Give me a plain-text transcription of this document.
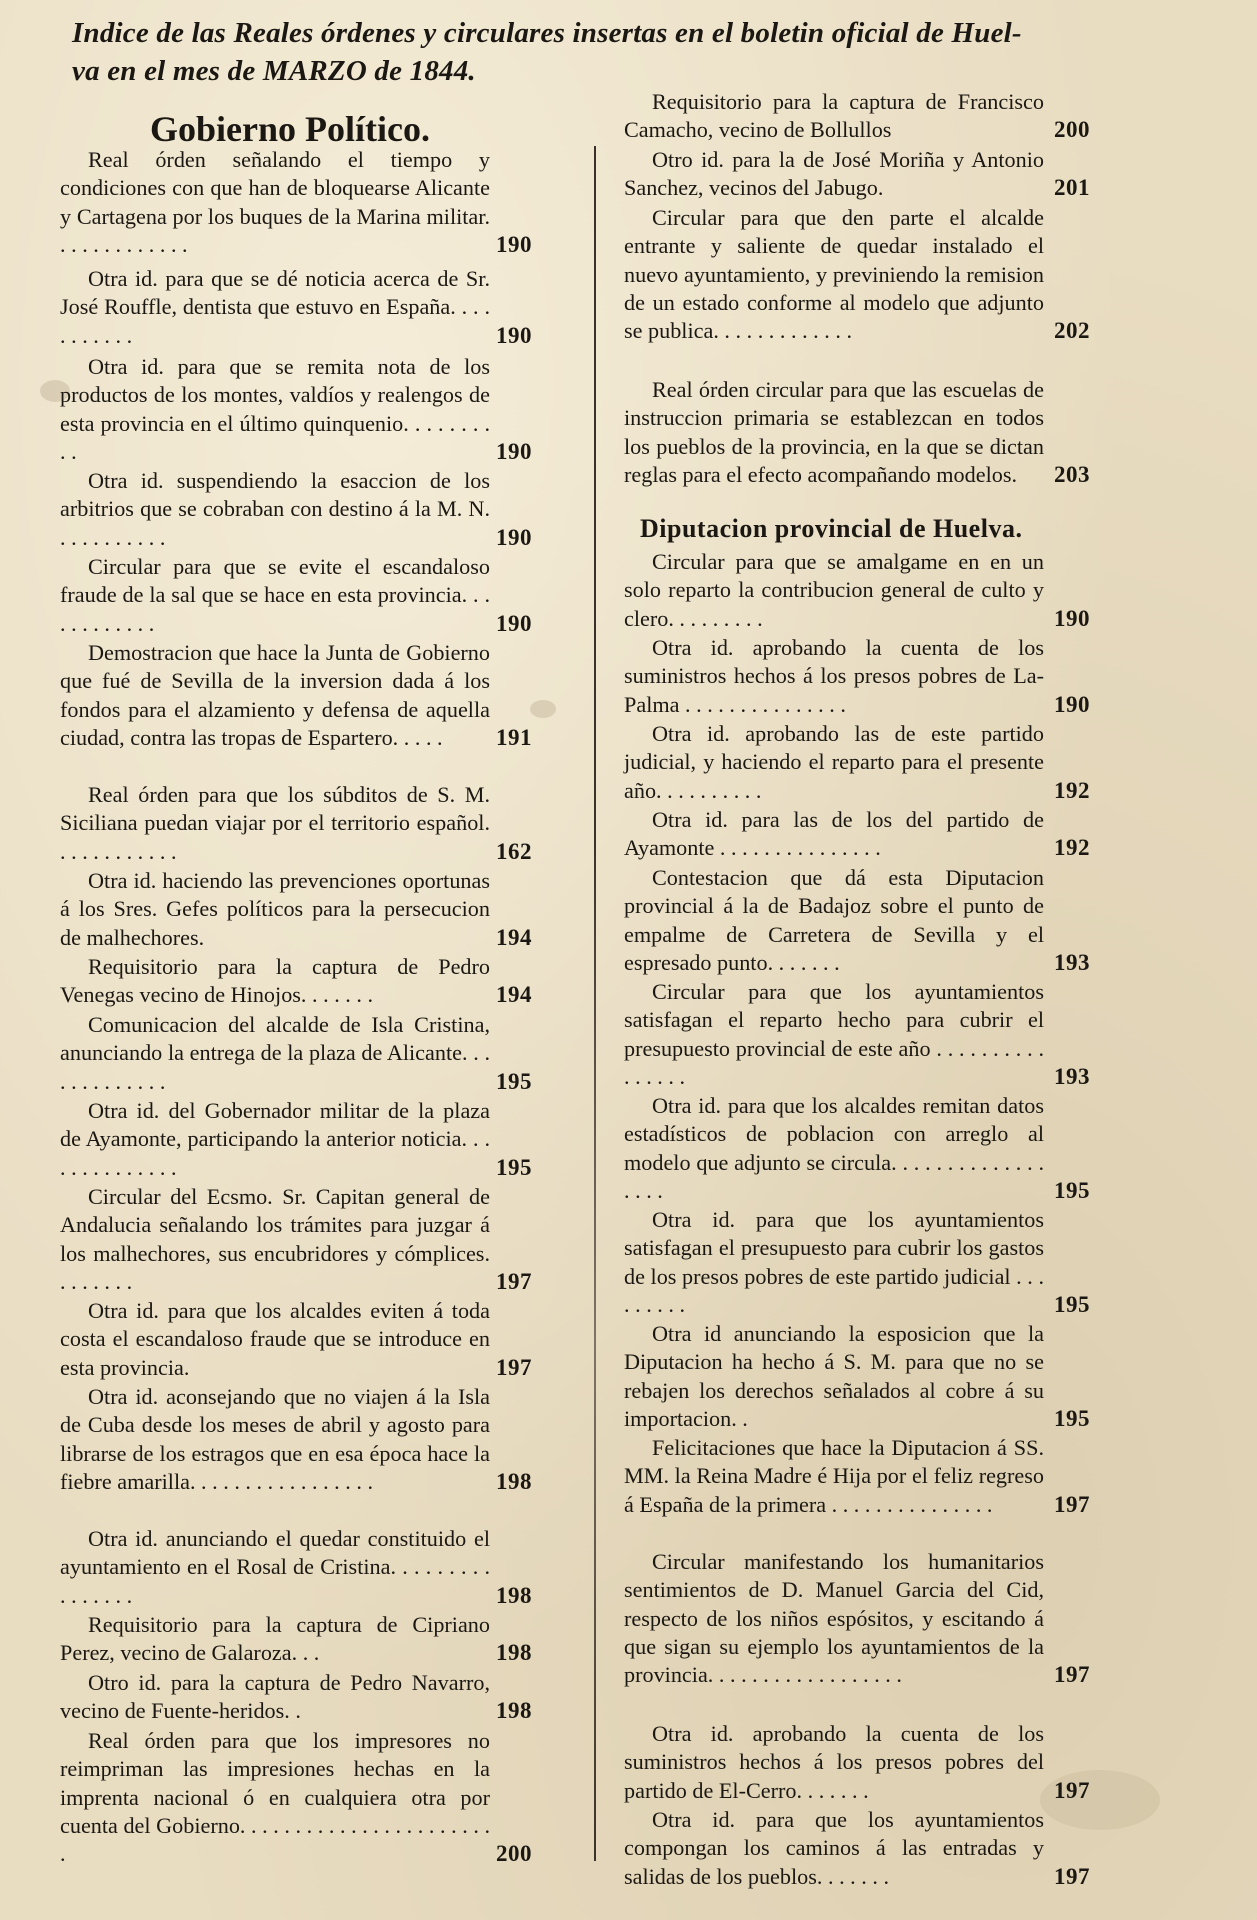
Indice de las Reales órdenes y circulares insertas en el boletin oficial de Huel-
va en el mes de MARZO de 1844.
Gobierno Político.
Real órden señalando el tiempo y condiciones con que han de bloquearse Alicante y Cartagena por los buques de la Marina militar. . . . . . . . . . . . .	190
Otra id. para que se dé noticia acerca de Sr. José Rouffle, dentista que estuvo en España. . . . . . . . . . .	190
Otra id. para que se remita nota de los productos de los montes, valdíos y realengos de esta provincia en el último quinquenio. . . . . . . . . .	190
Otra id. suspendiendo la esaccion de los arbitrios que se cobraban con destino á la M. N. . . . . . . . . . .	190
Circular para que se evite el escandaloso fraude de la sal que se hace en esta provincia. . . . . . . . . . . .	190
Demostracion que hace la Junta de Gobierno que fué de Sevilla de la inversion dada á los fondos para el alzamiento y defensa de aquella ciudad, contra las tropas de Espartero. . . . .	191
Real órden para que los súbditos de S. M. Siciliana puedan viajar por el territorio español. . . . . . . . . . . .	162
Otra id. haciendo las prevenciones oportunas á los Sres. Gefes políticos para la persecucion de malhechores.	194
Requisitorio para la captura de Pedro Venegas vecino de Hinojos. . . . . . .	194
Comunicacion del alcalde de Isla Cristina, anunciando la entrega de la plaza de Alicante. . . . . . . . . . . . .	195
Otra id. del Gobernador militar de la plaza de Ayamonte, participando la anterior noticia. . . . . . . . . . . . . .	195
Circular del Ecsmo. Sr. Capitan general de Andalucia señalando los trámites para juzgar á los malhechores, sus encubridores y cómplices. . . . . . . .	197
Otra id. para que los alcaldes eviten á toda costa el escandaloso fraude que se introduce en esta provincia.	197
Otra id. aconsejando que no viajen á la Isla de Cuba desde los meses de abril y agosto para librarse de los estragos que en esa época hace la fiebre amarilla. . . . . . . . . . . . . . . . .	198
Otra id. anunciando el quedar constituido el ayuntamiento en el Rosal de Cristina. . . . . . . . . . . . . . . .	198
Requisitorio para la captura de Cipriano Perez, vecino de Galaroza. . .	198
Otro id. para la captura de Pedro Navarro, vecino de Fuente-heridos. .	198
Real órden para que los impresores no reimpriman las impresiones hechas en la imprenta nacional ó en cualquiera otra por cuenta del Gobierno. . . . . . . . . . . . . . . . . . . . . . . .	200
Requisitorio para la captura de Francisco Camacho, vecino de Bollullos	200
Otro id. para la de José Moriña y Antonio Sanchez, vecinos del Jabugo.	201
Circular para que den parte el alcalde entrante y saliente de quedar instalado el nuevo ayuntamiento, y previniendo la remision de un estado conforme al modelo que adjunto se publica. . . . . . . . . . . . .	202
Real órden circular para que las escuelas de instruccion primaria se establezcan en todos los pueblos de la provincia, en la que se dictan reglas para el efecto acompañando modelos.	203
Diputacion provincial de Huelva.
Circular para que se amalgame en en un solo reparto la contribucion general de culto y clero. . . . . . . . .	190
Otra id. aprobando la cuenta de los suministros hechos á los presos pobres de La-Palma . . . . . . . . . . . . . . .	190
Otra id. aprobando las de este partido judicial, y haciendo el reparto para el presente año. . . . . . . . . .	192
Otra id. para las de los del partido de Ayamonte . . . . . . . . . . . . . . .	192
Contestacion que dá esta Diputacion provincial á la de Badajoz sobre el punto de empalme de Carretera de Sevilla y el espresado punto. . . . . . .	193
Circular para que los ayuntamientos satisfagan el reparto hecho para cubrir el presupuesto provincial de este año . . . . . . . . . . . . . . . .	193
Otra id. para que los alcaldes remitan datos estadísticos de poblacion con arreglo al modelo que adjunto se circula. . . . . . . . . . . . . . . . . .	195
Otra id. para que los ayuntamientos satisfagan el presupuesto para cubrir los gastos de los presos pobres de este partido judicial . . . . . . . . .	195
Otra id anunciando la esposicion que la Diputacion ha hecho á S. M. para que no se rebajen los derechos señalados al cobre á su importacion. .	195
Felicitaciones que hace la Diputacion á SS. MM. la Reina Madre é Hija por el feliz regreso á España de la primera . . . . . . . . . . . . . . .	197
Circular manifestando los humanitarios sentimientos de D. Manuel Garcia del Cid, respecto de los niños espósitos, y escitando á que sigan su ejemplo los ayuntamientos de la provincia. . . . . . . . . . . . . . . . . .	197
Otra id. aprobando la cuenta de los suministros hechos á los presos pobres del partido de El-Cerro. . . . . . .	197
Otra id. para que los ayuntamientos compongan los caminos á las entradas y salidas de los pueblos. . . . . . .	197
